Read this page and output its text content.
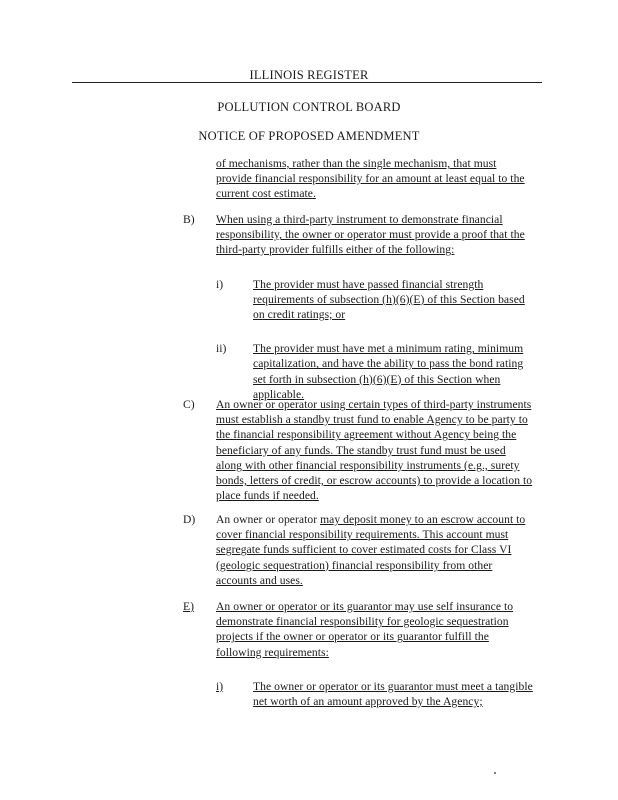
ILLINOIS REGISTER
POLLUTION CONTROL BOARD
NOTICE OF PROPOSED AMENDMENT
of mechanisms, rather than the single mechanism, that must
provide financial responsibility for an amount at least equal to the
current cost estimate.
B) When using a third-party instrument to demonstrate financial
responsibility, the owner or operator must provide a proof that the
third-party provider fulfills either of the following:
i)	The provider must have passed financial strength
requirements of subsection (h)(6)(E) of this Section based
on credit ratings; or
ii) The provider must have met a minimum rating, minimum
capitalization, and have the ability to pass the bond rating
set forth in subsection (h)(6)(E) of this Section when
applicable.
C) An owner or operator using certain types of third-party instruments
must establish a standby trust fund to enable Agency to be party to
the financial responsibility agreement without Agency being the
beneficiary of any funds. The standby trust fund must be used
along with other financial responsibility instruments (e.g., surety
bonds, letters of credit, or escrow accounts) to provide a location to
place funds if needed.
D) An owner or operator may deposit money to an escrow account to
cover financial responsibility requirements. This account must
segregate funds sufficient to cover estimated costs for Class VI
(geologic sequestration) financial responsibility from other
accounts and uses.
E) An owner or operator or its guarantor may use self insurance to
demonstrate financial responsibility for geologic sequestration
projects if the owner or operator or its guarantor fulfill the
following requirements:
i)	The owner or operator or its guarantor must meet a tangible
net worth of an amount approved by the Agency;
